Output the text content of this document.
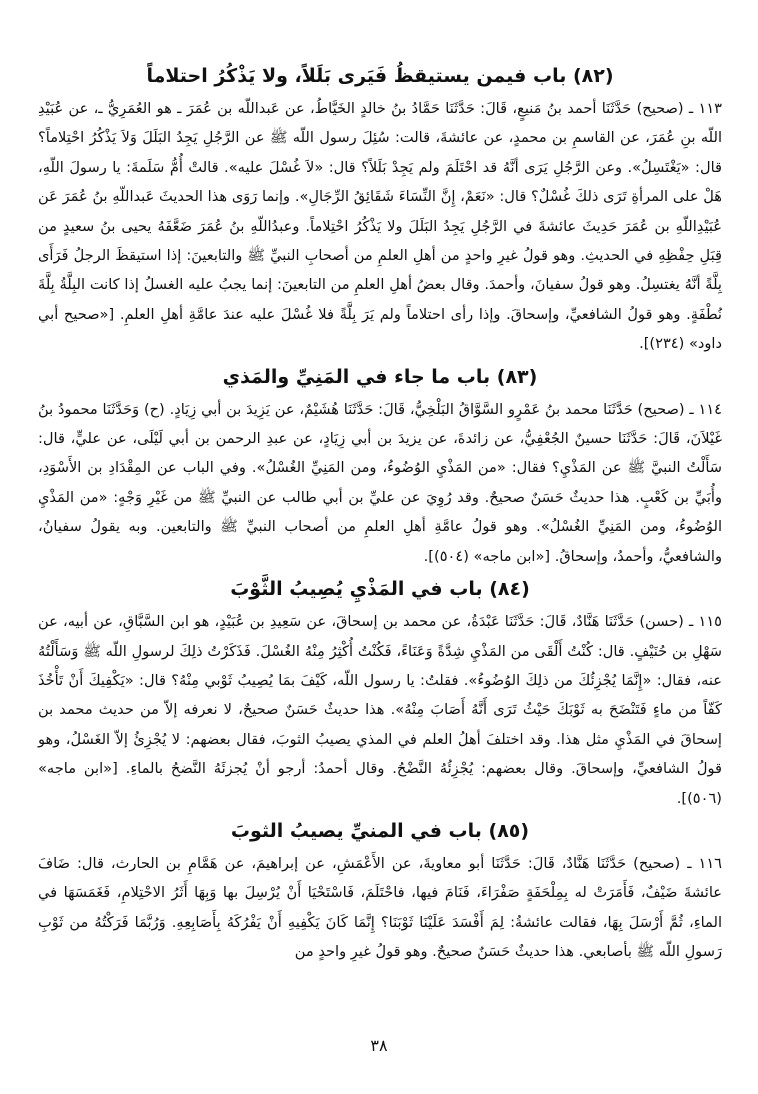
(٨٢) باب فيمن يستيقظُ فَيَرى بَلَلاً، ولا يَذْكُرُ احتلاماً

١١٣ ـ (صحيح) حَدَّثَنَا أحمد بنُ مَنيعٍ، قَالَ: حَدَّثَنَا حَمَّادُ بنُ خالدٍ الخَيَّاطُ، عن عَبداللّه بن عُمَرَ ـ هو العُمَرِيُّ ـ، عن عُبَيْدِ اللّه بنِ عُمَرَ، عن القاسمِ بن محمدٍ، عن عائشةَ، قالت: سُئِلَ رسول اللّه ﷺ عن الرَّجُلِ يَجِدُ البَلَلَ وَلاَ يَذْكُرُ احْتِلاماً؟ قال: «يَغْتَسِلُ». وعن الرَّجُلِ يَرَى أنَّهُ قد احْتَلَمَ ولم يَجِدْ بَلَلاً؟ قال: «لاَ غُسْلَ عليه». قالتْ أُمُّ سَلَمةَ: يا رسولَ اللّهِ، هَلْ على المرأةِ تَرَى ذلكَ غُسْلٌ؟ قال: «نَعَمْ، إِنَّ النِّسَاءَ شَقَائِقُ الرِّجَالِ». وإنما رَوَى هذا الحديثَ عَبداللّهِ بنُ عُمَرَ عَن عُبَيْدِاللّهِ بن عُمَرَ حَدِيثَ عائشةَ في الرَّجُلِ يَجِدُ البَلَلَ ولا يَذْكُرُ احْتِلاماً. وعبدُاللّهِ بنُ عُمَرَ ضَعَّفَهُ يحيى بنُ سعيدٍ من قِبَلِ حِفْظِهِ في الحديثِ. وهو قولُ غيرِ واحدٍ من أهلِ العلمِ من أصحابِ النبيِّ ﷺ والتابعينَ: إذا استيقظَ الرجلُ فَرَأَى بِلَّةً أنَّهُ يغتسِلُ. وهو قولُ سفيانَ، وأحمدَ. وقال بعضُ أهلِ العلمِ من التابعينَ: إنما يجبُ عليه الغسلُ إذا كانت البِلَّةُ بِلَّةَ نُطْفَةٍ. وهو قولُ الشافعيِّ، وإسحاقَ. وإذا رأى احتلاماً ولم يَرَ بِلَّةً فلا غُسْلَ عليه عندَ عامَّةِ أهلِ العلمِ. [«صحيح أبي داود» (٢٣٤)].

(٨٣) باب ما جاء في المَنِيِّ والمَذي

١١٤ ـ (صحيح) حَدَّثَنَا محمد بنُ عَمْرٍو السَّوَّاقُ البَلْخِيُّ، قَالَ: حَدَّثَنَا هُشَيْمٌ، عن يَزِيدَ بن أبي زِيَادٍ. (ح) وَحَدَّثَنَا محمودُ بنُ غَيْلاَنَ، قَالَ: حَدَّثَنَا حسينٌ الجُعْفِيُّ، عن زائدةَ، عن يزيدَ بن أبي زِيَادٍ، عن عبدِ الرحمن بن أبي لَيْلَى، عن عليٍّ، قال: سَأَلْتُ النبيَّ ﷺ عن المَذْيِ؟ فقال: «من المَذْيِ الوُضُوءُ، ومن المَنِيِّ الغُسْلُ». وفي الباب عن المِقْدَادِ بن الأَسْوَدِ، وأُبَيِّ بن كَعْبٍ. هذا حديثٌ حَسَنٌ صحيحٌ. وقد رُوِيَ عن عليِّ بن أبي طالب عن النبيِّ ﷺ من غَيْرِ وَجْهٍ: «من المَذْيِ الوُضُوءُ، ومن المَنِيِّ الغُسْلُ». وهو قولُ عامَّةِ أهلِ العلمِ من أصحاب النبيِّ ﷺ والتابعين. وبه يقولُ سفيانُ، والشافعيُّ، وأحمدُ، وإسحاقُ. [«ابن ماجه» (٥٠٤)].

(٨٤) باب في المَذْيِ يُصِيبُ الثَّوْبَ

١١٥ ـ (حسن) حَدَّثَنَا هَنَّادٌ، قَالَ: حَدَّثَنَا عَبْدَةُ، عن محمد بن إسحاقَ، عن سَعِيدِ بن عُبَيْدٍ، هو ابن السَّبَّاقِ، عن أبيه، عن سَهْلِ بن حُنَيْفٍ. قال: كُنْتُ أَلْقَى من المَذْيِ شِدَّةً وَعَنَاءً، فَكُنْتُ أُكْثِرُ مِنْهُ الغُسْلَ. فَذَكَرْتُ ذلِكَ لرسولِ اللّه ﷺ وَسَأَلْتُهُ عنه، فقال: «إِنَّمَا يُجْزِئُكَ من ذلِكَ الوُضُوءُ». فقلتُ: يا رسول اللّه، كَيْفَ بمَا يُصِيبُ ثَوْبي مِنْهُ؟ قال: «يَكْفِيكَ أَنْ تَأْخُذَ كَفّاً من ماءٍ فَتَنْضَحَ به ثَوْبَكَ حَيْثُ تَرَى أَنَّهُ أَصَابَ مِنْهُ». هذا حديثٌ حَسَنٌ صحيحٌ، لا نعرفه إلاّ من حديث محمد بن إسحاقَ في المَذْيِ مثل هذا. وقد اختلفَ أهلُ العلم في المذي يصيبُ الثوبَ، فقال بعضهم: لا يُجْزِئُ إلاّ الغَسْلُ، وهو قولُ الشافعيِّ، وإسحاقَ. وقال بعضهم: يُجْزِئُهُ النَّضْحُ. وقال أحمدُ: أرجو أنْ يُجزئَهُ النَّضحُ بالماءِ. [«ابن ماجه» (٥٠٦)].

(٨٥) باب في المنيِّ يصيبُ الثوبَ

١١٦ ـ (صحيح) حَدَّثَنَا هَنَّادٌ، قَالَ: حَدَّثَنَا أبو معاويةَ، عن الأَعْمَشِ، عن إبراهيمَ، عن هَمَّامِ بن الحارث، قال: ضَافَ عائشةَ ضَيْفٌ، فَأَمَرَتْ له بِمِلْحَفَةٍ صَفْرَاءَ، فَنَامَ فيها، فاحْتَلَمَ، فَاسْتَحْيَا أَنْ يُرْسِلَ بها وَبِهَا أَثَرُ الاحْتِلامِ، فَغَمَسَهَا في الماءِ، ثُمَّ أَرْسَلَ بِهَا، فقالت عائشةُ: لِمَ أَفْسَدَ عَلَيْنَا ثَوْبَنَا؟ إِنَّمَا كَانَ يَكْفِيهِ أَنْ يَفْرُكَهُ بِأَصَابِعِهِ. وَرُبَّمَا فَرَكْتُهُ من ثَوْبِ رَسولِ اللّه ﷺ بأصابعي. هذا حديثٌ حَسَنٌ صحيحٌ. وهو قولُ غيرِ واحدٍ من

٣٨
